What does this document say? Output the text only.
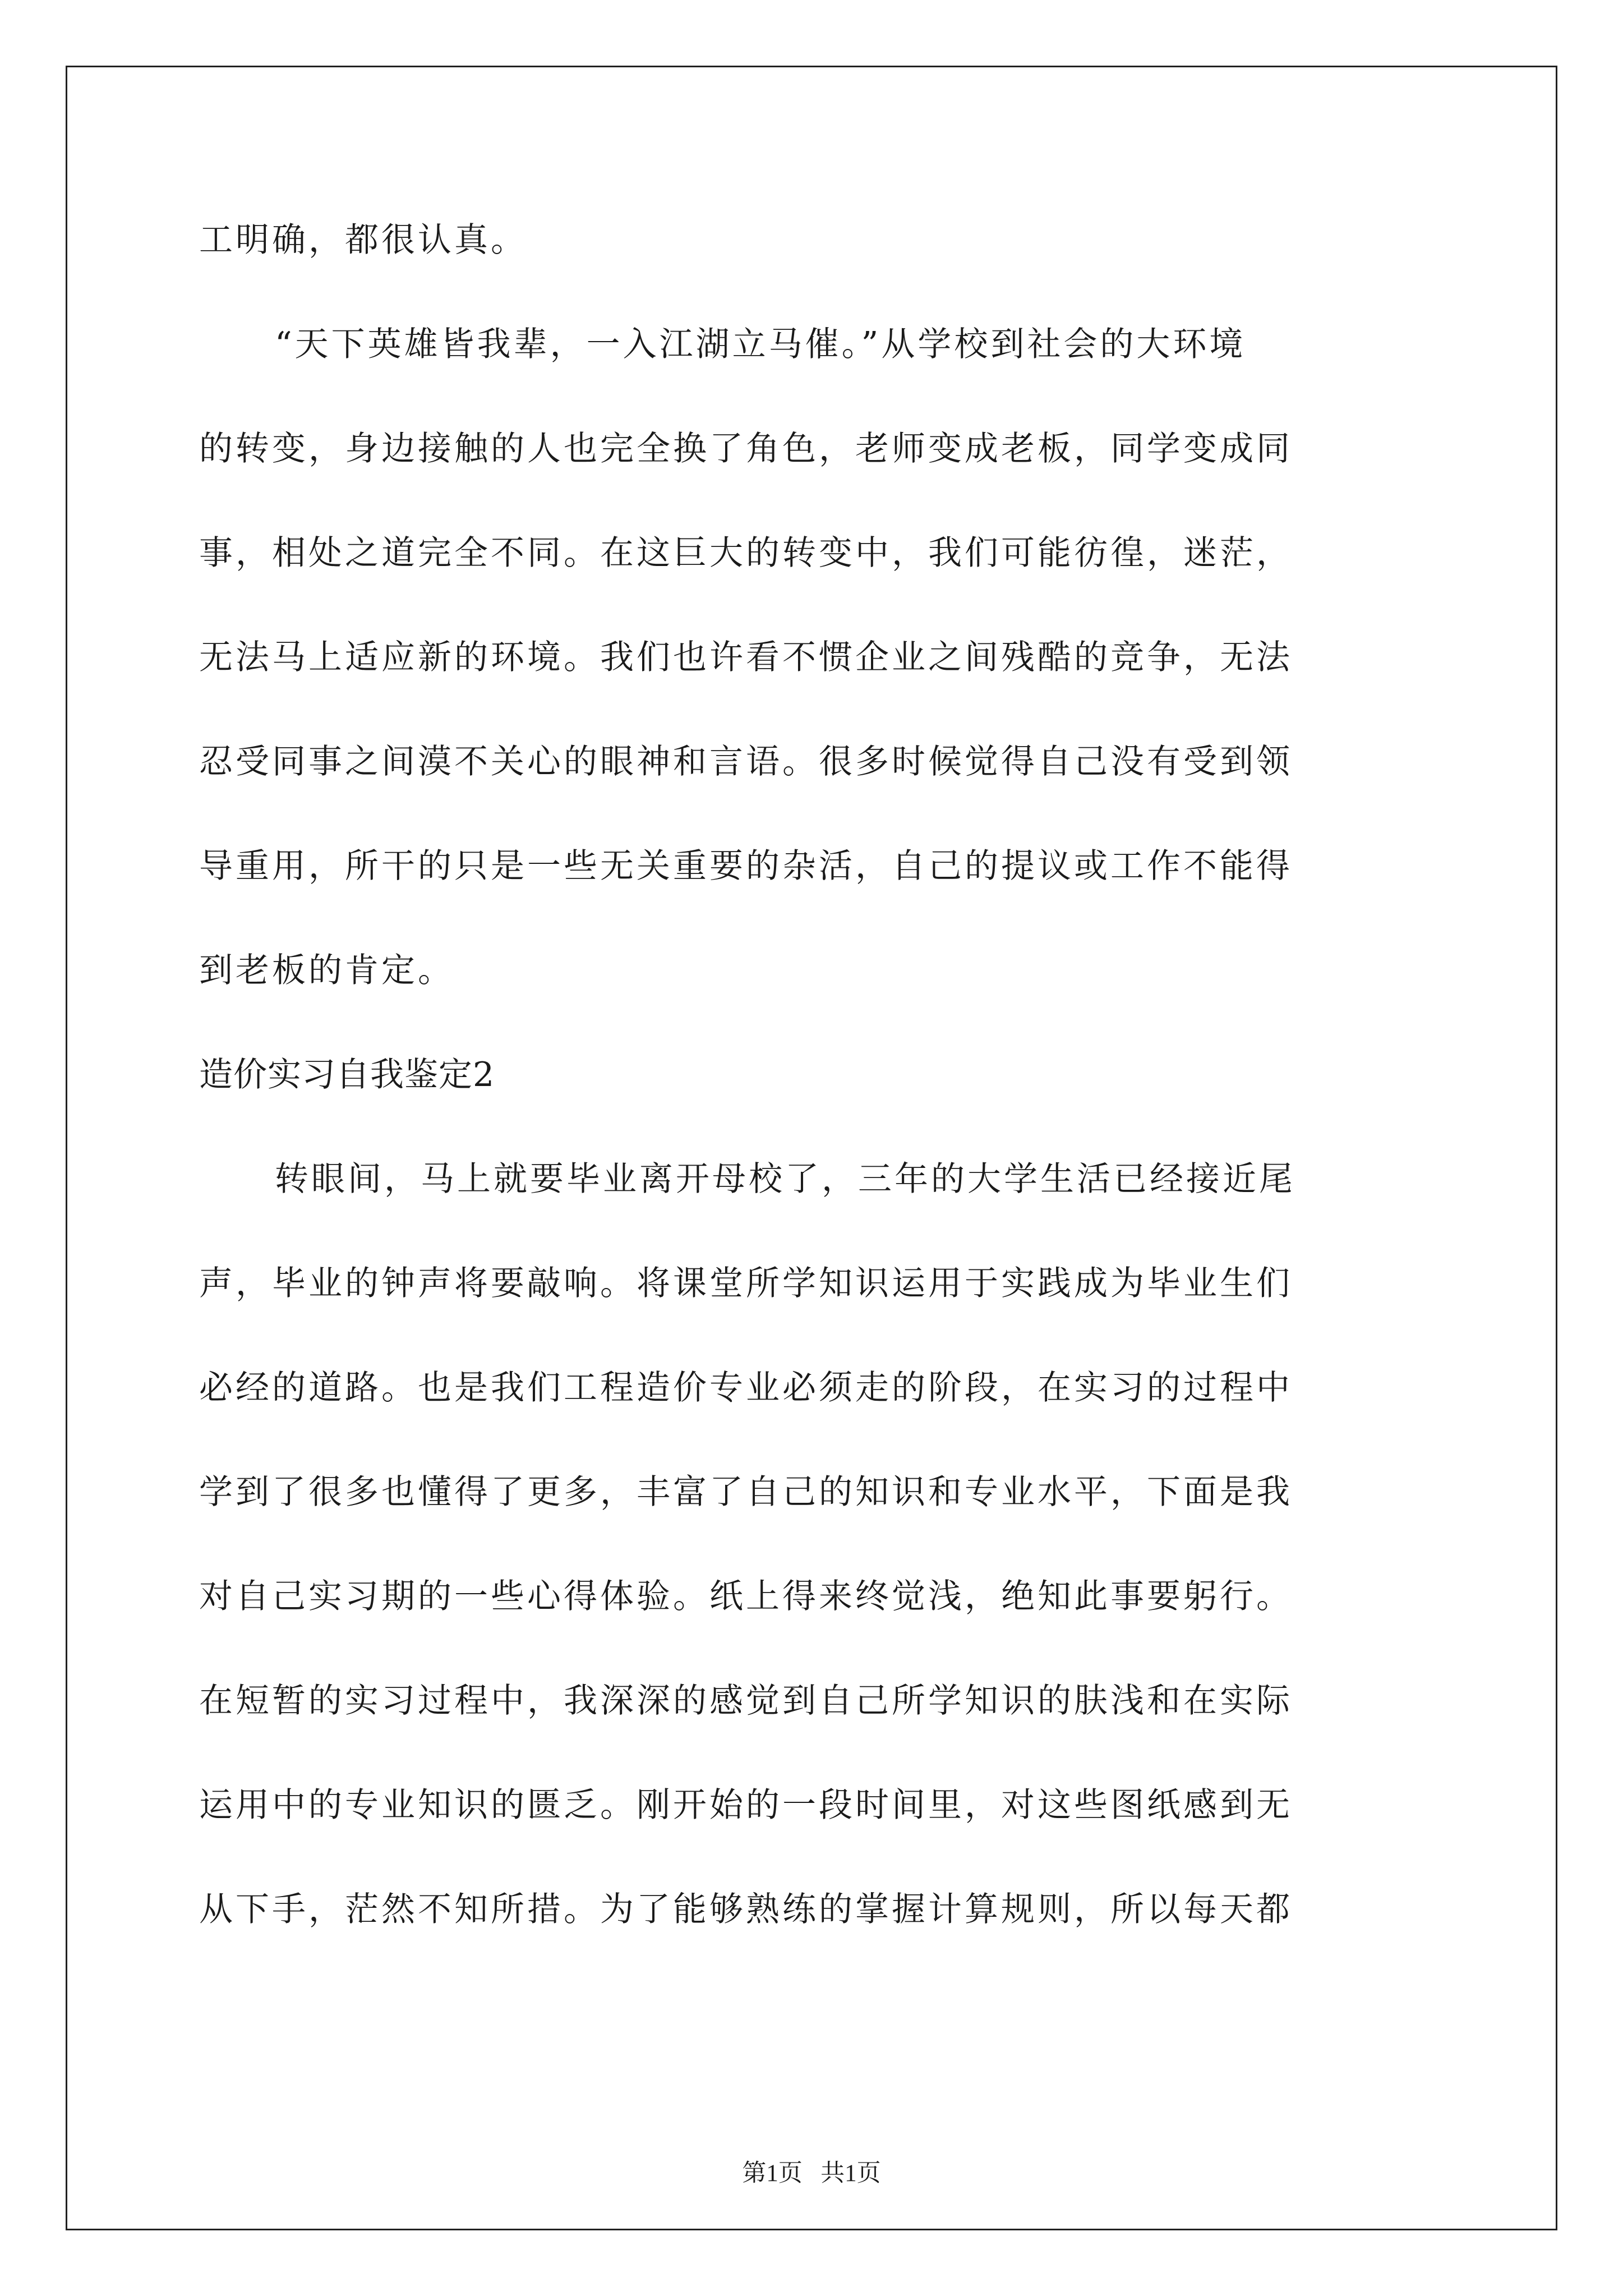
工明确，都很认真。
“天下英雄皆我辈，一入江湖立马催。”从学校到社会的大环境
的转变，身边接触的人也完全换了角色，老师变成老板，同学变成同
事，相处之道完全不同。在这巨大的转变中，我们可能彷徨，迷茫，
无法马上适应新的环境。我们也许看不惯企业之间残酷的竞争，无法
忍受同事之间漠不关心的眼神和言语。很多时候觉得自己没有受到领
导重用，所干的只是一些无关重要的杂活，自己的提议或工作不能得
到老板的肯定。
造价实习自我鉴定2
转眼间，马上就要毕业离开母校了，三年的大学生活已经接近尾
声，毕业的钟声将要敲响。将课堂所学知识运用于实践成为毕业生们
必经的道路。也是我们工程造价专业必须走的阶段，在实习的过程中
学到了很多也懂得了更多，丰富了自己的知识和专业水平，下面是我
对自己实习期的一些心得体验。纸上得来终觉浅，绝知此事要躬行。
在短暂的实习过程中，我深深的感觉到自己所学知识的肤浅和在实际
运用中的专业知识的匮乏。刚开始的一段时间里，对这些图纸感到无
从下手，茫然不知所措。为了能够熟练的掌握计算规则，所以每天都
第1页   共1页
